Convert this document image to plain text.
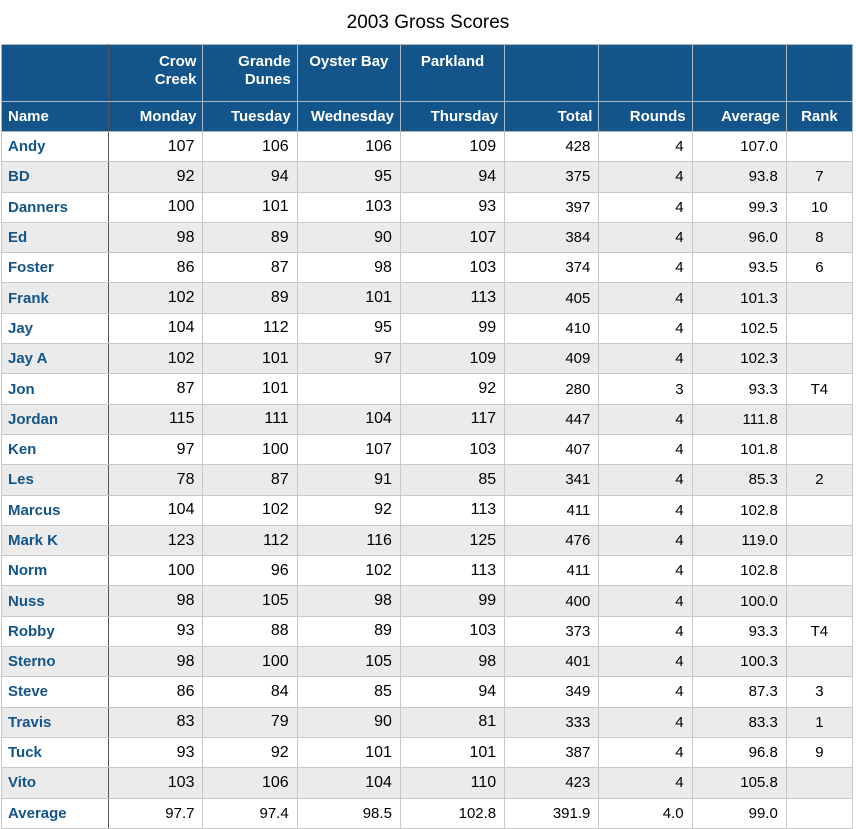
2003 Gross Scores
	Crow Creek	Grande Dunes	Oyster Bay	Parkland				
Name	Monday	Tuesday	Wednesday	Thursday	Total	Rounds	Average	Rank
Andy	107	106	106	109	428	4	107.0	
BD	92	94	95	94	375	4	93.8	7
Danners	100	101	103	93	397	4	99.3	10
Ed	98	89	90	107	384	4	96.0	8
Foster	86	87	98	103	374	4	93.5	6
Frank	102	89	101	113	405	4	101.3	
Jay	104	112	95	99	410	4	102.5	
Jay A	102	101	97	109	409	4	102.3	
Jon	87	101		92	280	3	93.3	T4
Jordan	115	111	104	117	447	4	111.8	
Ken	97	100	107	103	407	4	101.8	
Les	78	87	91	85	341	4	85.3	2
Marcus	104	102	92	113	411	4	102.8	
Mark K	123	112	116	125	476	4	119.0	
Norm	100	96	102	113	411	4	102.8	
Nuss	98	105	98	99	400	4	100.0	
Robby	93	88	89	103	373	4	93.3	T4
Sterno	98	100	105	98	401	4	100.3	
Steve	86	84	85	94	349	4	87.3	3
Travis	83	79	90	81	333	4	83.3	1
Tuck	93	92	101	101	387	4	96.8	9
Vito	103	106	104	110	423	4	105.8	
Average	97.7	97.4	98.5	102.8	391.9	4.0	99.0	
